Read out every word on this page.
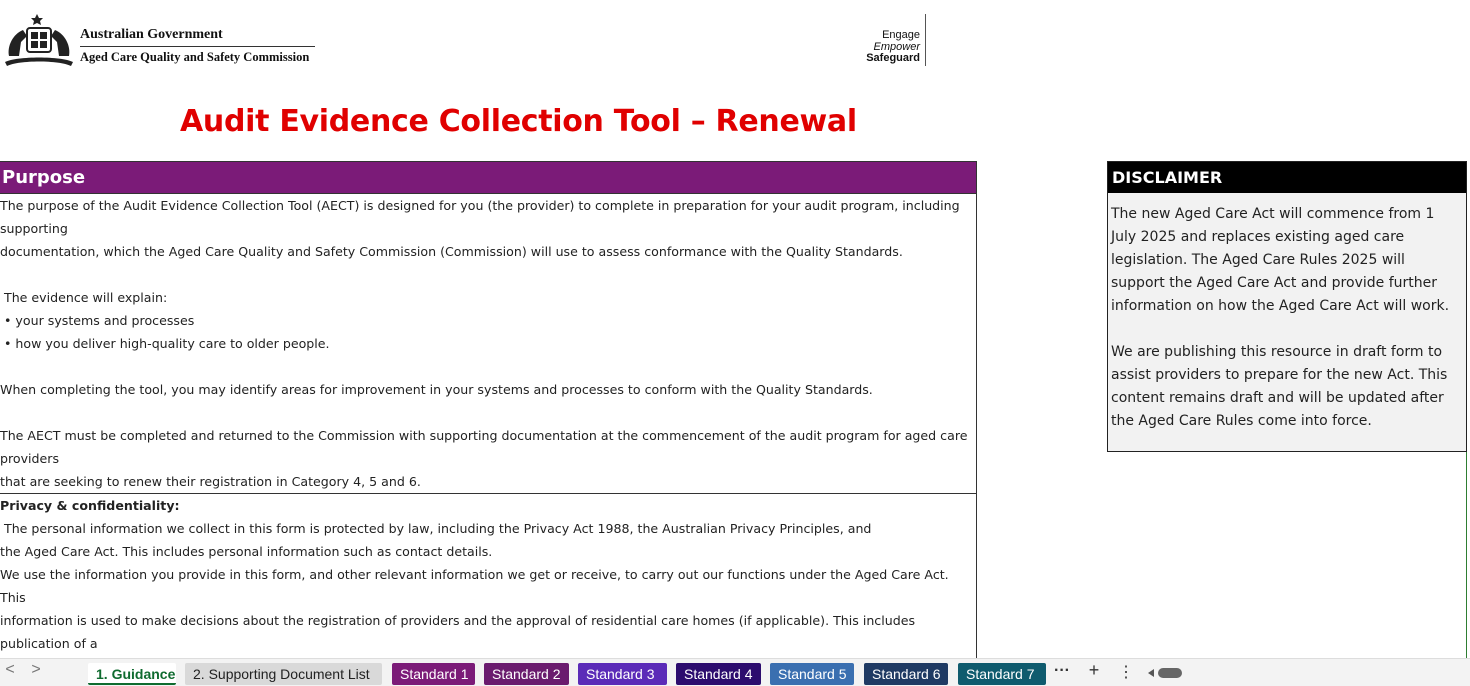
Australian Government
Aged Care Quality and Safety Commission
Engage
Empower
Safeguard
Audit Evidence Collection Tool – Renewal
Purpose

The purpose of the Audit Evidence Collection Tool (AECT) is designed for you (the provider) to complete in preparation for your audit program, including supporting

documentation, which the Aged Care Quality and Safety Commission (Commission) will use to assess conformance with the Quality Standards.

The evidence will explain:

• your systems and processes

• how you deliver high-quality care to older people.

When completing the tool, you may identify areas for improvement in your systems and processes to conform with the Quality Standards.

The AECT must be completed and returned to the Commission with supporting documentation at the commencement of the audit program for aged care providers

that are seeking to renew their registration in Category 4, 5 and 6.

Privacy & confidentiality: The personal information we collect in this form is protected by law, including the Privacy Act 1988, the Australian Privacy Principles, and

the Aged Care Act. This includes personal information such as contact details.

We use the information you provide in this form, and other relevant information we get or receive, to carry out our functions under the Aged Care Act. This

information is used to make decisions about the registration of providers and the approval of residential care homes (if applicable). This includes publication of a

DISCLAIMER

The new Aged Care Act will commence from 1 July 2025 and replaces existing aged care legislation. The Aged Care Rules 2025 will support the Aged Care Act and provide further information on how the Aged Care Act will work.

We are publishing this resource in draft form to assist providers to prepare for the new Act. This content remains draft and will be updated after the Aged Care Rules come into force.

<	>	1. Guidance	2. Supporting Document List	Standard 1	Standard 2	Standard 3	Standard 4	Standard 5	Standard 6	Standard 7	··· + ⋮
